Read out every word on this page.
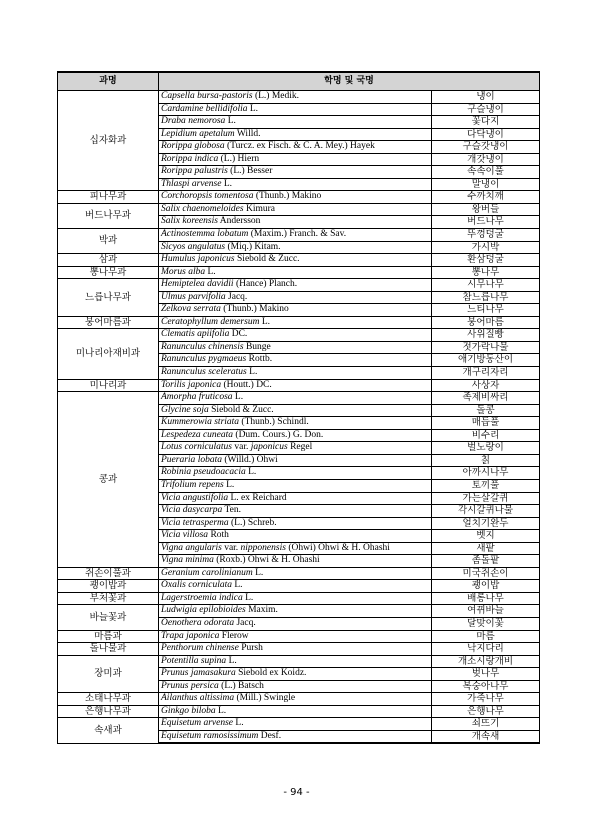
과명	학명 및 국명	
십자화과	Capsella bursa-pastoris (L.) Medik.	냉이
	Cardamine bellidifolia L.	구슬냉이
	Draba nemorosa L.	꽃다지
	Lepidium apetalum Willd.	다닥냉이
	Rorippa globosa (Turcz. ex Fisch. & C. A. Mey.) Hayek	구슬갓냉이
	Rorippa indica (L.) Hiern	개갓냉이
	Rorippa palustris (L.) Besser	속속이풀
	Thlaspi arvense L.	말냉이
피나무과	Corchoropsis tomentosa (Thunb.) Makino	수까치깨
버드나무과	Salix chaenomeloides Kimura	왕버들
	Salix koreensis Andersson	버드나무
박과	Actinostemma lobatum (Maxim.) Franch. & Sav.	뚜껑덩굴
	Sicyos angulatus (Miq.) Kitam.	가시박
삼과	Humulus japonicus Siebold & Zucc.	환삼덩굴
뽕나무과	Morus alba L.	뽕나무
느릅나무과	Hemiptelea davidii (Hance) Planch.	시무나무
	Ulmus parvifolia Jacq.	참느릅나무
	Zelkova serrata (Thunb.) Makino	느티나무
붕어마름과	Ceratophyllum demersum L.	붕어마름
미나리아재비과	Clematis apiifolia DC.	사위질빵
	Ranunculus chinensis Bunge	젓가락나물
	Ranunculus pygmaeus Rottb.	애기방동산이
	Ranunculus sceleratus L.	개구리자리
미나리과	Torilis japonica (Houtt.) DC.	사상자
콩과	Amorpha fruticosa L.	족제비싸리
	Glycine soja Siebold & Zucc.	돌콩
	Kummerowia striata (Thunb.) Schindl.	매듭풀
	Lespedeza cuneata (Dum. Cours.) G. Don.	비수리
	Lotus corniculatus var. japonicus Regel	벌노랑이
	Pueraria lobata (Willd.) Ohwi	칡
	Robinia pseudoacacia L.	아까시나무
	Trifolium repens L.	토끼풀
	Vicia angustifolia L. ex Reichard	가는살갈퀴
	Vicia dasycarpa Ten.	각시갈퀴나물
	Vicia tetrasperma (L.) Schreb.	얼치기완두
	Vicia villosa Roth	벳지
	Vigna angularis var. nipponensis (Ohwi) Ohwi & H. Ohashi	새팥
	Vigna minima (Roxb.) Ohwi & H. Ohashi	좀돌팥
쥐손이풀과	Geranium carolinianum L.	미국쥐손이
괭이밥과	Oxalis corniculata L.	괭이밥
부처꽃과	Lagerstroemia indica L.	배롱나무
바늘꽃과	Ludwigia epilobioides Maxim.	여뀌바늘
	Oenothera odorata Jacq.	달맞이꽃
마름과	Trapa japonica Flerow	마름
돌나물과	Penthorum chinense Pursh	낙지다리
장미과	Potentilla supina L.	개소시랑개비
	Prunus jamasakura Siebold ex Koidz.	벚나무
	Prunus persica (L.) Batsch	복숭아나무
소태나무과	Ailanthus altissima (Mill.) Swingle	가죽나무
은행나무과	Ginkgo biloba L.	은행나무
속새과	Equisetum arvense L.	쇠뜨기
	Equisetum ramosissimum Desf.	개속새
- 94 -
